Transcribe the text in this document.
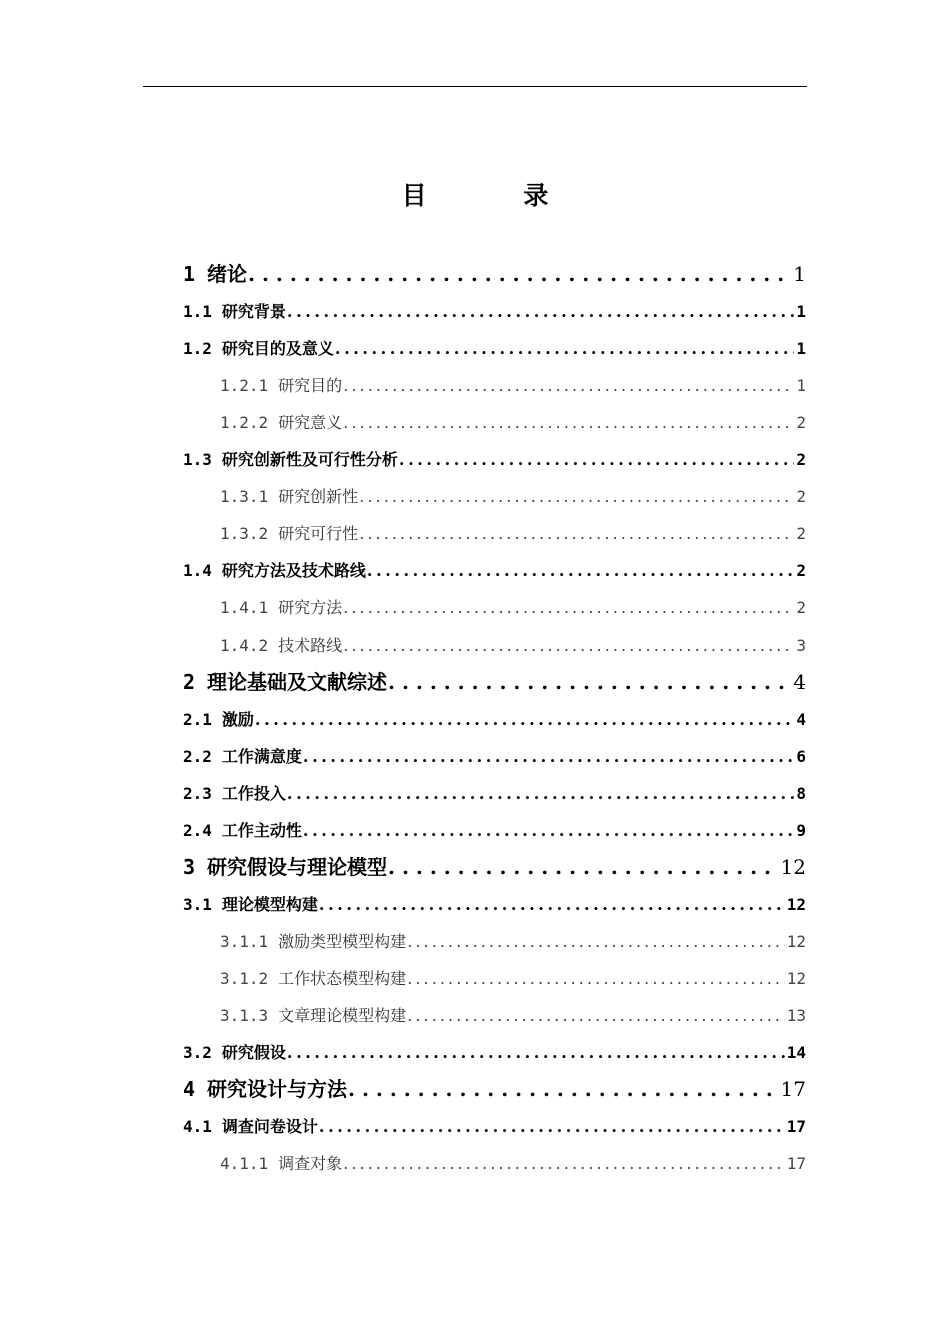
目 录
1 绪论 . . .	1
1.1 研究背景 . . .	1
1.2 研究目的及意义 . . .	1
1.2.1 研究目的 . . .	1
1.2.2 研究意义 . . .	2
1.3 研究创新性及可行性分析 . . .	2
1.3.1 研究创新性 . . .	2
1.3.2 研究可行性 . . .	2
1.4 研究方法及技术路线 . . .	2
1.4.1 研究方法 . . .	2
1.4.2 技术路线 . . .	3
2 理论基础及文献综述 . . .	4
2.1 激励 . . .	4
2.2 工作满意度 . . .	6
2.3 工作投入 . . .	8
2.4 工作主动性 . . .	9
3 研究假设与理论模型 . . .	12
3.1 理论模型构建 . . .	12
3.1.1 激励类型模型构建 . . .	12
3.1.2 工作状态模型构建 . . .	12
3.1.3 文章理论模型构建 . . .	13
3.2 研究假设 . . .	14
4 研究设计与方法 . . .	17
4.1 调查问卷设计 . . .	17
4.1.1 调查对象 . . .	17
